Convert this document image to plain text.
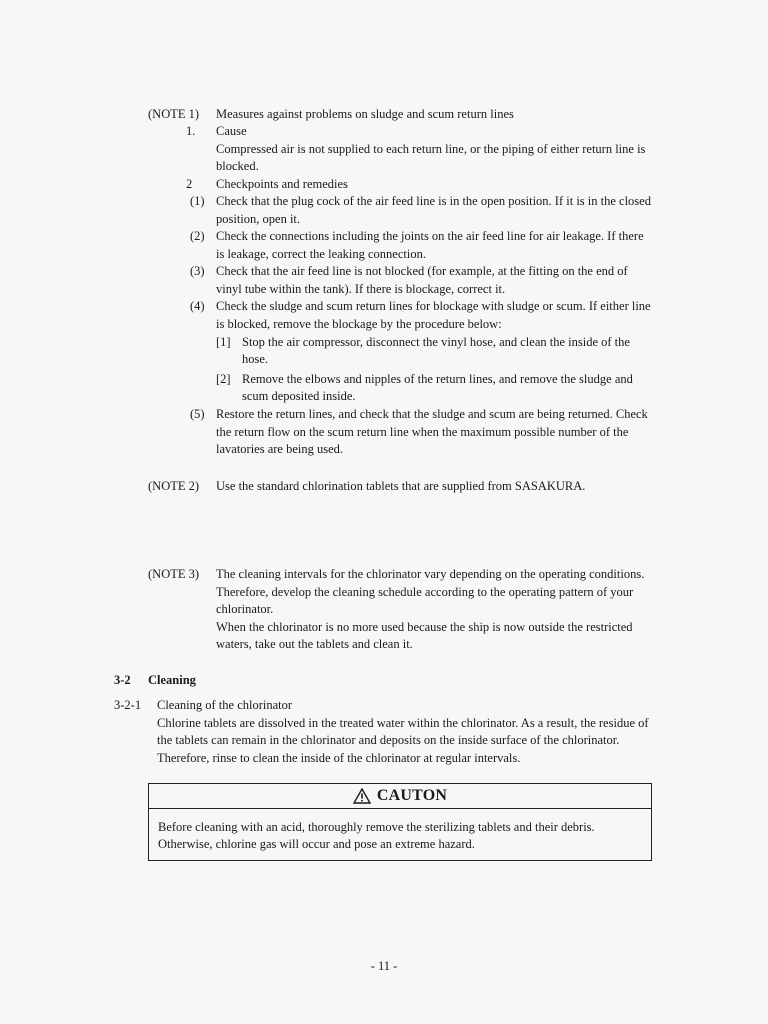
(NOTE 1) Measures against problems on sludge and scum return lines
1. Cause
Compressed air is not supplied to each return line, or the piping of either return line is
blocked.
2 Checkpoints and remedies
(1) Check that the plug cock of the air feed line is in the open position. If it is in the closed
position, open it.
(2) Check the connections including the joints on the air feed line for air leakage. If there
is leakage, correct the leaking connection.
(3) Check that the air feed line is not blocked (for example, at the fitting on the end of
vinyl tube within the tank). If there is blockage, correct it.
(4) Check the sludge and scum return lines for blockage with sludge or scum. If either line
is blocked, remove the blockage by the procedure below:
[1] Stop the air compressor, disconnect the vinyl hose, and clean the inside of the
hose.
[2] Remove the elbows and nipples of the return lines, and remove the sludge and
scum deposited inside.
(5) Restore the return lines, and check that the sludge and scum are being returned. Check
the return flow on the scum return line when the maximum possible number of the
lavatories are being used.
(NOTE 2) Use the standard chlorination tablets that are supplied from SASAKURA.
(NOTE 3) The cleaning intervals for the chlorinator vary depending on the operating conditions.
Therefore, develop the cleaning schedule according to the operating pattern of your
chlorinator.
When the chlorinator is no more used because the ship is now outside the restricted
waters, take out the tablets and clean it.
3-2 Cleaning
3-2-1 Cleaning of the chlorinator
Chlorine tablets are dissolved in the treated water within the chlorinator. As a result, the residue of
the tablets can remain in the chlorinator and deposits on the inside surface of the chlorinator.
Therefore, rinse to clean the inside of the chlorinator at regular intervals.
CAUTON
Before cleaning with an acid, thoroughly remove the sterilizing tablets and their debris.
Otherwise, chlorine gas will occur and pose an extreme hazard.
- 11 -
